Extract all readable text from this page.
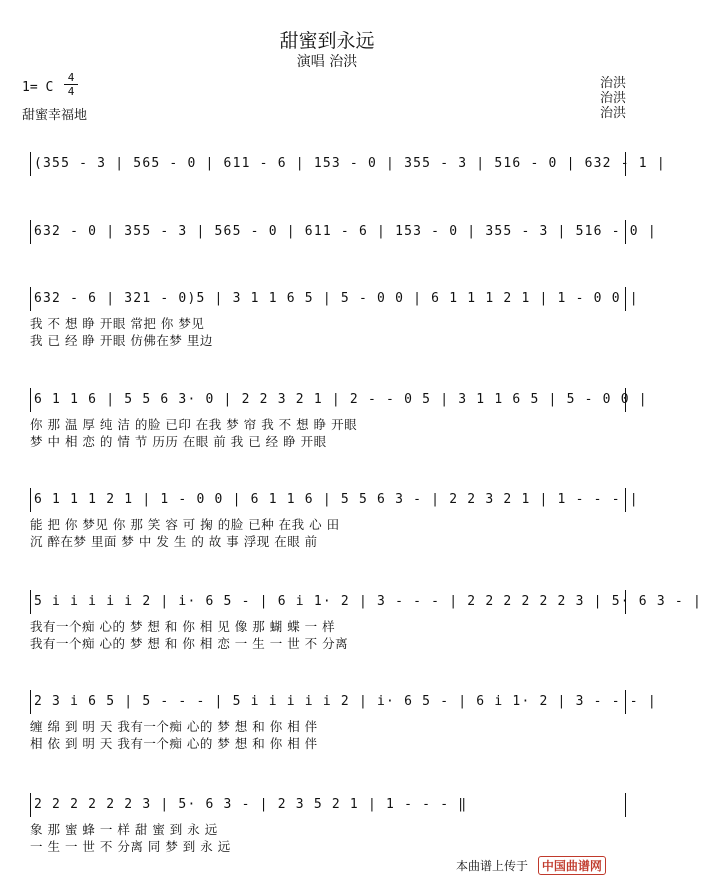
甜蜜到永远
演唱 治洪
1= C
4
4
甜蜜幸福地
治洪
治洪
治洪
(355 - 3 | 565 - 0 | 611 - 6 | 153 - 0 | 355 - 3 | 516 - 0 | 632 - 1 |
632 - 0 | 355 - 3 | 565 - 0 | 611 - 6 | 153 - 0 | 355 - 3 | 516 - 0 |
632 - 6 | 321 - 0)5 | 3 1 1 6 5 | 5 - 0 0 | 6 1 1 1 2 1 | 1 - 0 0 |
我 不 想 睁 开眼 常把 你 梦见
我 已 经 睁 开眼 仿佛在梦 里边
6 1 1 6 | 5 5 6 3· 0 | 2 2 3 2 1 | 2 - - 0 5 | 3 1 1 6 5 | 5 - 0 0 |
你 那 温 厚 纯 洁 的脸 已印 在我 梦 帘 我 不 想 睁 开眼
梦 中 相 恋 的 情 节 历历 在眼 前 我 已 经 睁 开眼
6 1 1 1 2 1 | 1 - 0 0 | 6 1 1 6 | 5 5 6 3 - | 2 2 3 2 1 | 1 - - - |
能 把 你 梦见 你 那 笑 容 可 掬 的脸 已种 在我 心 田
沉 醉在梦 里面 梦 中 发 生 的 故 事 浮现 在眼 前
5 i i i i i 2 | i· 6 5 - | 6 i 1· 2 | 3 - - - | 2 2 2 2 2 2 3 | 5· 6 3 - |
我有一个痴 心的 梦 想 和 你 相 见 像 那 蝴 蝶 一 样
我有一个痴 心的 梦 想 和 你 相 恋 一 生 一 世 不 分离
2 3 i 6 5 | 5 - - - | 5 i i i i i 2 | i· 6 5 - | 6 i 1· 2 | 3 - - - |
缠 绵 到 明 天 我有一个痴 心的 梦 想 和 你 相 伴
相 依 到 明 天 我有一个痴 心的 梦 想 和 你 相 伴
2 2 2 2 2 2 3 | 5· 6 3 - | 2 3 5 2 1 | 1 - - - ‖
象 那 蜜 蜂 一 样 甜 蜜 到 永 远
一 生 一 世 不 分离 同 梦 到 永 远
本曲谱上传于 中国曲谱网
